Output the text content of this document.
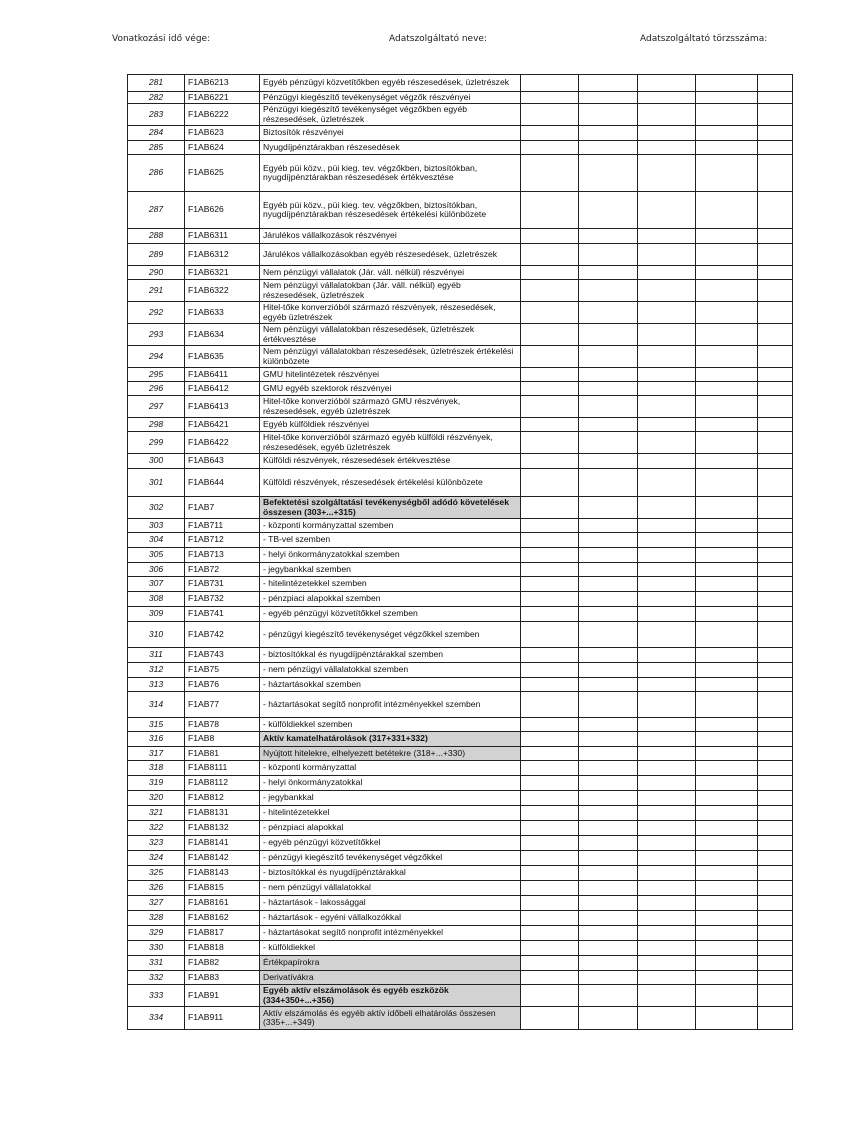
Vonatkozási idő vége:	Adatszolgáltató neve:	Adatszolgáltató törzsszáma:
281	F1AB6213	Egyéb pénzügyi közvetítőkben egyéb részesedések, üzletrészek					
282	F1AB6221	Pénzügyi kiegészítő tevékenységet végzők részvényei					
283	F1AB6222	Pénzügyi kiegészítő tevékenységet végzőkben egyéb részesedések, üzletrészek					
284	F1AB623	Biztosítók részvényei					
285	F1AB624	Nyugdíjpénztárakban részesedések					
286	F1AB625	Egyéb püi közv., püi kieg. tev. végzőkben, biztosítókban, nyugdíjpénztárakban részesedések értékvesztése					
287	F1AB626	Egyéb püi közv., püi kieg. tev. végzőkben, biztosítókban, nyugdíjpénztárakban részesedések értékelési különbözete					
288	F1AB6311	Járulékos vállalkozások részvényei					
289	F1AB6312	Járulékos vállalkozásokban egyéb részesedések, üzletrészek					
290	F1AB6321	Nem pénzügyi vállalatok (Jár. váll. nélkül) részvényei					
291	F1AB6322	Nem pénzügyi vállalatokban (Jár. váll. nélkül) egyéb részesedések, üzletrészek					
292	F1AB633	Hitel-tőke konverzióból származó részvények, részesedések, egyéb üzletrészek					
293	F1AB634	Nem pénzügyi vállalatokban részesedések, üzletrészek értékvesztése					
294	F1AB635	Nem pénzügyi vállalatokban részesedések, üzletrészek értékelési különbözete					
295	F1AB6411	GMU hitelintézetek részvényei					
296	F1AB6412	GMU egyéb szektorok részvényei					
297	F1AB6413	Hitel-tőke konverzióból származó GMU részvények, részesedések, egyéb üzletrészek					
298	F1AB6421	Egyéb külföldiek részvényei					
299	F1AB6422	Hitel-tőke konverzióból származó egyéb külföldi részvények, részesedések, egyéb üzletrészek					
300	F1AB643	Külföldi részvények, részesedések értékvesztése					
301	F1AB644	Külföldi részvények, részesedések értékelési különbözete					
302	F1AB7	Befektetési szolgáltatási tevékenységből adódó követelések összesen (303+...+315)					
303	F1AB711	- központi kormányzattal szemben					
304	F1AB712	- TB-vel szemben					
305	F1AB713	- helyi önkormányzatokkal szemben					
306	F1AB72	- jegybankkal szemben					
307	F1AB731	- hitelintézetekkel szemben					
308	F1AB732	- pénzpiaci alapokkal szemben					
309	F1AB741	- egyéb pénzügyi közvetítőkkel szemben					
310	F1AB742	- pénzügyi kiegészítő tevékenységet végzőkkel szemben					
311	F1AB743	- biztosítókkal és nyugdíjpénztárakkal szemben					
312	F1AB75	- nem pénzügyi vállalatokkal szemben					
313	F1AB76	- háztartásokkal szemben					
314	F1AB77	- háztartásokat segítő nonprofit intézményekkel szemben					
315	F1AB78	- külföldiekkel szemben					
316	F1AB8	Aktív kamatelhatárolások (317+331+332)					
317	F1AB81	Nyújtott hitelekre, elhelyezett betétekre (318+...+330)					
318	F1AB8111	- központi kormányzattal					
319	F1AB8112	- helyi önkormányzatokkal					
320	F1AB812	- jegybankkal					
321	F1AB8131	- hitelintézetekkel					
322	F1AB8132	- pénzpiaci alapokkal					
323	F1AB8141	- egyéb pénzügyi közvetítőkkel					
324	F1AB8142	- pénzügyi kiegészítő tevékenységet végzőkkel					
325	F1AB8143	- biztosítókkal és nyugdíjpénztárakkal					
326	F1AB815	- nem pénzügyi vállalatokkal					
327	F1AB8161	- háztartások - lakossággal					
328	F1AB8162	- háztartások - egyéni vállalkozókkal					
329	F1AB817	- háztartásokat segítő nonprofit intézményekkel					
330	F1AB818	- külföldiekkel					
331	F1AB82	Értékpapírokra					
332	F1AB83	Derivatívákra					
333	F1AB91	Egyéb aktív elszámolások és egyéb eszközök (334+350+...+356)					
334	F1AB911	Aktív elszámolás és egyéb aktív időbeli elhatárolás összesen (335+...+349)					
